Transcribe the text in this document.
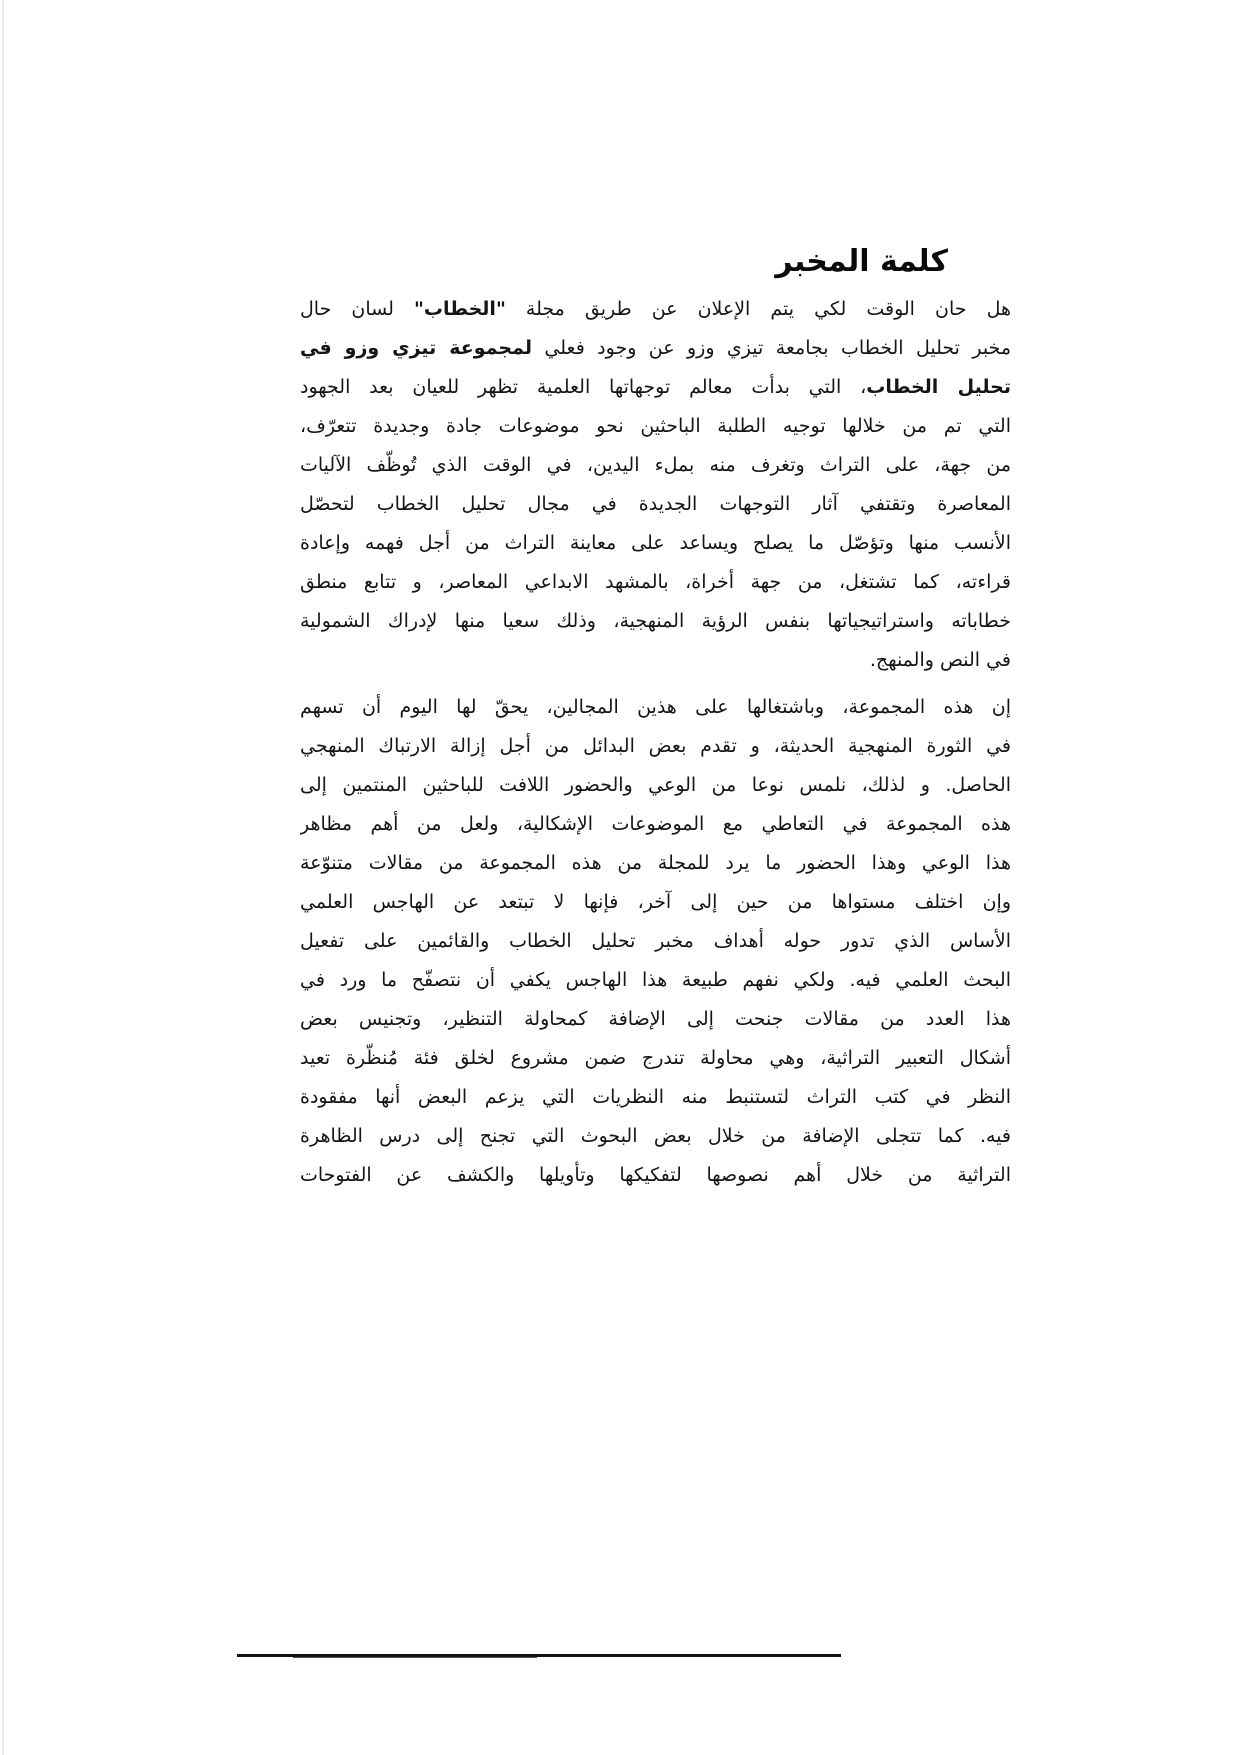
كلمة المخبر
هل حان الوقت لكي يتم الإعلان عن طريق مجلة "الخطاب" لسان حال
مخبر تحليل الخطاب بجامعة تيزي وزو عن وجود فعلي لمجموعة تيزي وزو في
تحليل الخطاب، التي بدأت معالم توجهاتها العلمية تظهر للعيان بعد الجهود
التي تم من خلالها توجيه الطلبة الباحثين نحو موضوعات جادة وجديدة تتعرّف،
من جهة، على التراث وتغرف منه بملء اليدين، في الوقت الذي تُوظّف الآليات
المعاصرة وتقتفي آثار التوجهات الجديدة في مجال تحليل الخطاب لتحصّل
الأنسب منها وتؤصّل ما يصلح ويساعد على معاينة التراث من أجل فهمه وإعادة
قراءته، كما تشتغل، من جهة أخراة، بالمشهد الابداعي المعاصر، و تتابع منطق
خطاباته واستراتيجياتها بنفس الرؤية المنهجية، وذلك سعيا منها لإدراك الشمولية
في النص والمنهج.
إن هذه المجموعة، وباشتغالها على هذين المجالين، يحقّ لها اليوم أن تسهم
في الثورة المنهجية الحديثة، و تقدم بعض البدائل من أجل إزالة الارتباك المنهجي
الحاصل. و لذلك، نلمس نوعا من الوعي والحضور اللافت للباحثين المنتمين إلى
هذه المجموعة في التعاطي مع الموضوعات الإشكالية، ولعل من أهم مظاهر
هذا الوعي وهذا الحضور ما يرد للمجلة من هذه المجموعة من مقالات متنوّعة
وإن اختلف مستواها من حين إلى آخر، فإنها لا تبتعد عن الهاجس العلمي
الأساس الذي تدور حوله أهداف مخبر تحليل الخطاب والقائمين على تفعيل
البحث العلمي فيه. ولكي نفهم طبيعة هذا الهاجس يكفي أن نتصفّح ما ورد في
هذا العدد من مقالات جنحت إلى الإضافة كمحاولة التنظير، وتجنيس بعض
أشكال التعبير التراثية، وهي محاولة تندرج ضمن مشروع لخلق فئة مُنظّرة تعيد
النظر في كتب التراث لتستنبط منه النظريات التي يزعم البعض أنها مفقودة
فيه. كما تتجلى الإضافة من خلال بعض البحوث التي تجنح إلى درس الظاهرة
التراثية من خلال أهم نصوصها لتفكيكها وتأويلها والكشف عن الفتوحات
